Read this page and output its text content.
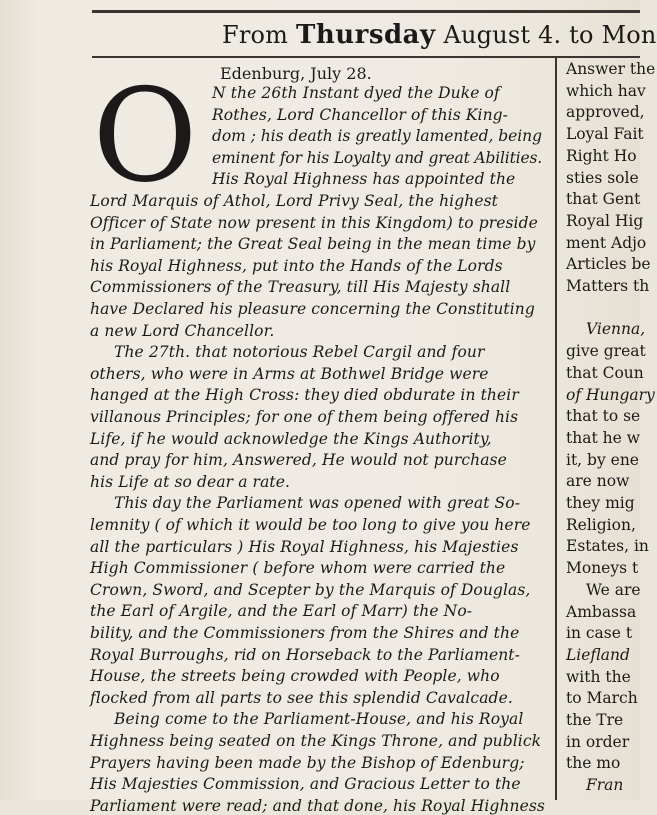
From Thursday August 4. to Mon
Edenburg, July 28.
O N the 26th Instant dyed the Duke of
Rothes, Lord Chancellor of this King-
dom ; his death is greatly lamented, being
eminent for his Loyalty and great Abilities.
His Royal Highness has appointed the
Lord Marquis of Athol, Lord Privy Seal, the highest
Officer of State now present in this Kingdom) to preside
in Parliament; the Great Seal being in the mean time by
his Royal Highness, put into the Hands of the Lords
Commissioners of the Treasury, till His Majesty shall
have Declared his pleasure concerning the Constituting
a new Lord Chancellor.
The 27th. that notorious Rebel Cargil and four
others, who were in Arms at Bothwel Bridge were
hanged at the High Cross: they died obdurate in their
villanous Principles; for one of them being offered his
Life, if he would acknowledge the Kings Authority,
and pray for him, Answered, He would not purchase
his Life at so dear a rate.
This day the Parliament was opened with great So-
lemnity ( of which it would be too long to give you here
all the particulars ) His Royal Highness, his Majesties
High Commissioner ( before whom were carried the
Crown, Sword, and Scepter by the Marquis of Douglas,
the Earl of Argile, and the Earl of Marr) the No-
bility, and the Commissioners from the Shires and the
Royal Burroughs, rid on Horseback to the Parliament-
House, the streets being crowded with People, who
flocked from all parts to see this splendid Cavalcade.
Being come to the Parliament-House, and his Royal
Highness being seated on the Kings Throne, and publick
Prayers having been made by the Bishop of Edenburg;
His Majesties Commission, and Gracious Letter to the
Parliament were read; and that done, his Royal Highness
Answer the
which hav
approved,
Loyal Fait
Right Ho
sties sole
that Gent
Royal Hig
ment Adjo
Articles be
Matters th
Vienna,
give great
that Coun
of Hungary
that to se
that he w
it, by ene
are now
they mig
Religion,
Estates, in
Moneys t
We are
Ambassa
in case t
Liefland
with the
to March
the Tre
in order
the mo
Fran
